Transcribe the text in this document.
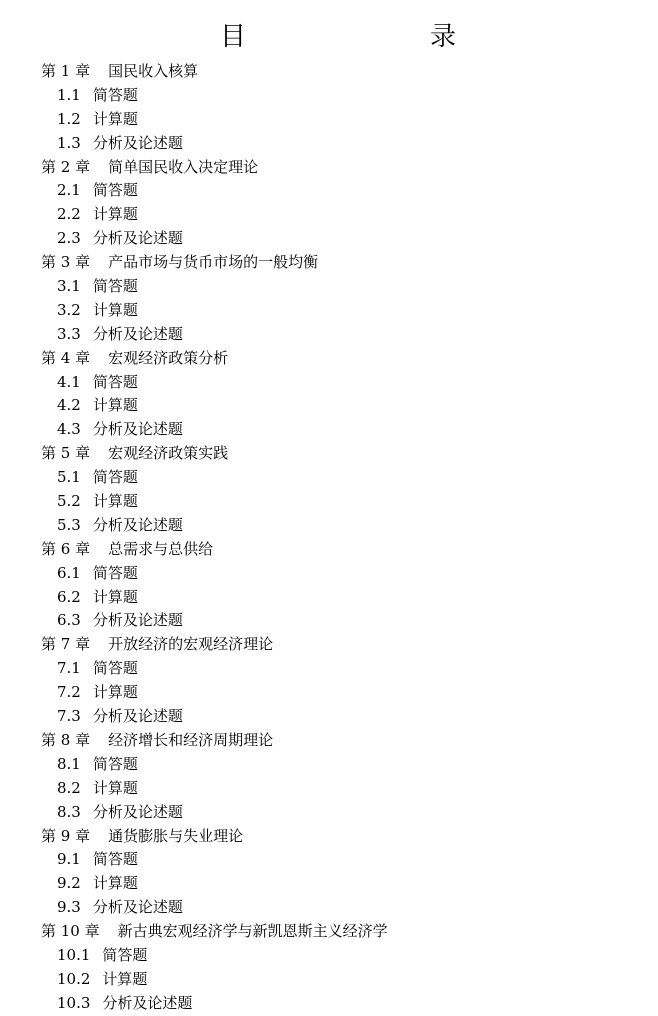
目　　录
第 1 章 国民收入核算
1.1 简答题
1.2 计算题
1.3 分析及论述题
第 2 章 简单国民收入决定理论
2.1 简答题
2.2 计算题
2.3 分析及论述题
第 3 章 产品市场与货币市场的一般均衡
3.1 简答题
3.2 计算题
3.3 分析及论述题
第 4 章 宏观经济政策分析
4.1 简答题
4.2 计算题
4.3 分析及论述题
第 5 章 宏观经济政策实践
5.1 简答题
5.2 计算题
5.3 分析及论述题
第 6 章 总需求与总供给
6.1 简答题
6.2 计算题
6.3 分析及论述题
第 7 章 开放经济的宏观经济理论
7.1 简答题
7.2 计算题
7.3 分析及论述题
第 8 章 经济增长和经济周期理论
8.1 简答题
8.2 计算题
8.3 分析及论述题
第 9 章 通货膨胀与失业理论
9.1 简答题
9.2 计算题
9.3 分析及论述题
第 10 章 新古典宏观经济学与新凯恩斯主义经济学
10.1 简答题
10.2 计算题
10.3 分析及论述题
